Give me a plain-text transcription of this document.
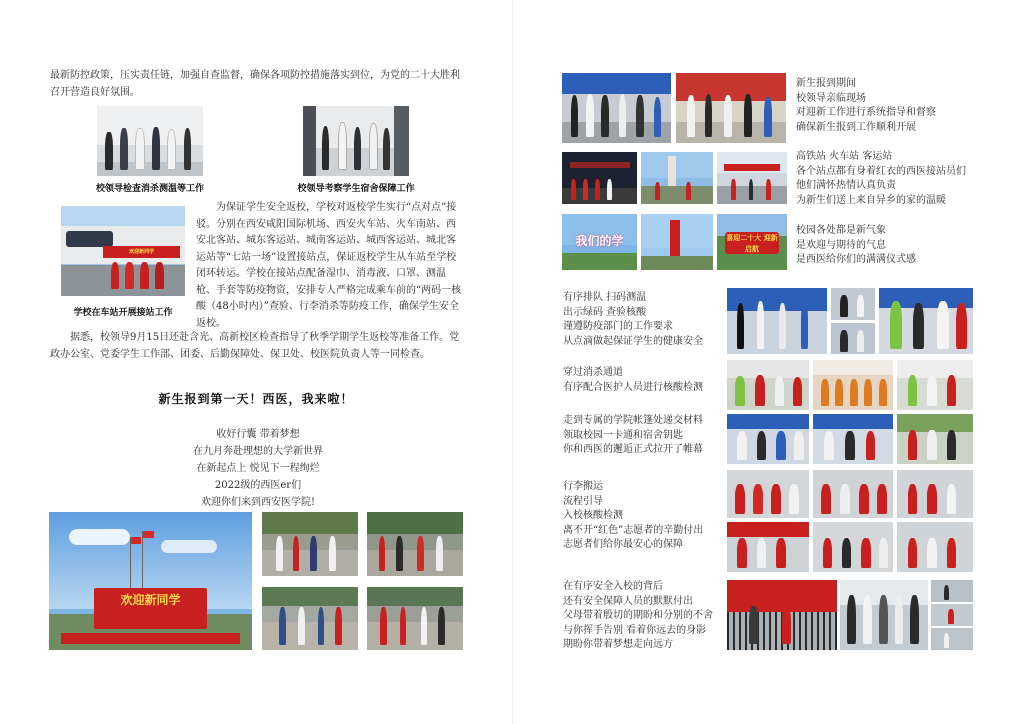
最新防控政策，压实责任链，加强自查监督，确保各项防控措施落实到位，为党的二十大胜利召开营造良好氛围。
校领导检查消杀测温等工作	校领导考察学生宿舍保障工作
欢迎新同学
学校在车站开展接站工作
为保证学生安全返校，学校对返校学生实行“点对点”接驳。分别在西安咸阳国际机场、西安火车站、火车南站、西安北客站、城东客运站、城南客运站、城西客运站、城北客运站等“七站一场”设置接站点，保证返校学生从车站至学校闭环转运。学校在接站点配备湿巾、消毒液、口罩、测温枪、手套等防疫物资，安排专人严格完成乘车前的“两码一核酸（48小时内）”查验、行李消杀等防疫工作，确保学生安全返校。
据悉，校领导9月15日还赴含光、高新校区检查指导了秋季学期学生返校等准备工作。党政办公室、党委学生工作部、团委、后勤保障处、保卫处、校医院负责人等一同检查。
新生报到第一天！西医，我来啦！
收好行囊 带着梦想
在九月奔赴理想的大学新世界
在新起点上 悦见下一程绚烂
2022级的西医er们
欢迎你们来到西安医学院!
欢迎新同学
新生报到期间
校领导亲临现场
对迎新工作进行系统指导和督察
确保新生报到工作顺利开展
高铁站 火车站 客运站
各个站点都有身着红衣的西医接站员们
他们满怀热情认真负责
为新生们送上来自异乡的家的温暖
我们的学	喜迎二十大 迎新启航
校园各处都是新气象
是欢迎与期待的气息
是西医给你们的满满仪式感
有序排队 扫码测温
出示绿码 查验核酸
谨遵防疫部门的工作要求
从点滴做起保证学生的健康安全
穿过消杀通道
有序配合医护人员进行核酸检测
走到专属的学院帐篷处递交材料
领取校园一卡通和宿舍钥匙
你和西医的邂逅正式拉开了帷幕
行李搬运
流程引导
入校核酸检测
离不开“红色”志愿者的辛勤付出
志愿者们给你最安心的保障
在有序安全入校的背后
还有安全保障人员的默默付出
父母带着殷切的期盼和分别的不舍
与你挥手告别 看着你远去的身影
期盼你带着梦想走向远方
